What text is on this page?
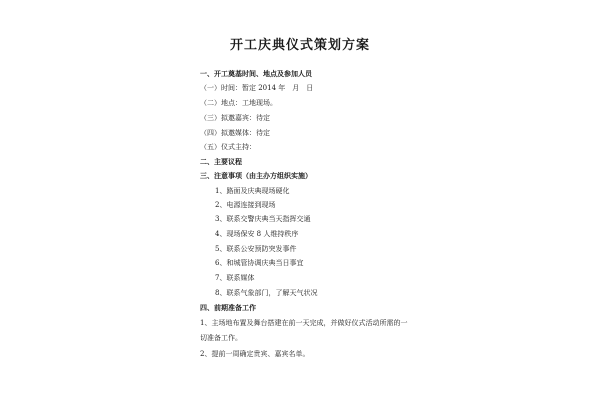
开工庆典仪式策划方案
一、开工奠基时间、地点及参加人员
（一）时间：暂定 2014 年　月　日
（二）地点：工地现场。
（三）拟邀嘉宾：待定
（四）拟邀媒体：待定
（五）仪式主持：
二、主要议程
三、注意事项（由主办方组织实施）
1、路面及庆典现场硬化
2、电源连接到现场
3、联系交警庆典当天指挥交通
4、现场保安 8 人维持秩序
5、联系公安预防突发事件
6、和城管协调庆典当日事宜
7、联系媒体
8、联系气象部门，了解天气状况
四、前期准备工作
1、主场地布置及舞台搭建在前一天完成，并做好仪式活动所需的一
切准备工作。
2、提前一周确定贵宾、嘉宾名单。
